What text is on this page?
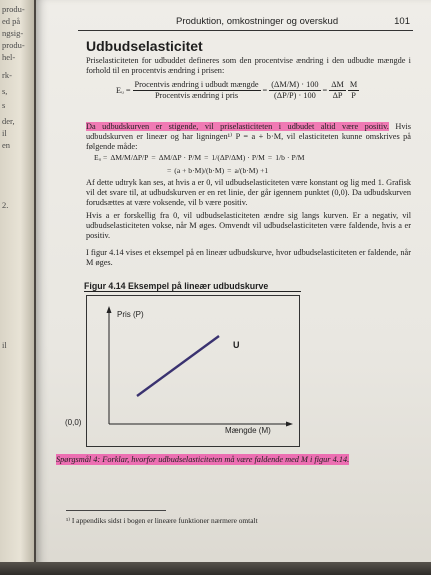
produ-
ed på
ngsig-
produ-
hel-
rk-
s,
s
der,
il
en
2.
il
Produktion, omkostninger og overskud	101
Udbudselasticitet
Priselasticiteten for udbuddet defineres som den procentvise ændring i den udbudte mængde i forhold til en procentvis ændring i prisen:
Eᵤ = $\frac{\text{Procentvis ændring i udbudt mængde}}{\text{Procentvis ændring i pris}} = \frac{(\Delta M/M) \cdot 100}{(\Delta P/P) \cdot 100} = \frac{\Delta M}{\Delta P} \frac{M}{P}$
Da udbudskurven er stigende, vil priselasticiteten i udbudet altid være positiv. Hvis udbudskurven er lineær og har ligningen¹⁾ P = a + b·M, vil elasticiteten kunne omskrives på følgende måde:
Eᵤ = ΔM/M / ΔP/P = ΔM/ΔP · P/M = 1/(ΔP/ΔM) · P/M = 1/b · P/M
= (a + b·M)/(b·M) = a/(b·M) +1
Af dette udtryk kan ses, at hvis a er 0, vil udbudselasticiteten være konstant og lig med 1. Grafisk vil det svare til, at udbudskurven er en ret linie, der går igennem punktet (0,0). Da udbudskurven forudsættes at være voksende, vil b være positiv.
Hvis a er forskellig fra 0, vil udbudselasticiteten ændre sig langs kurven. Er a negativ, vil udbudselasticiteten vokse, når M øges. Omvendt vil udbudselasticiteten være faldende, hvis a er positiv.
I figur 4.14 vises et eksempel på en lineær udbudskurve, hvor udbudselasticiteten er faldende, når M øges.
Figur 4.14 Eksempel på lineær udbudskurve
Pris (P)
U
Mængde (M)
(0,0)
Spørgsmål 4: Forklar, hvorfor udbudselasticiteten må være faldende med M i figur 4.14.
¹⁾ I appendiks sidst i bogen er lineære funktioner nærmere omtalt
